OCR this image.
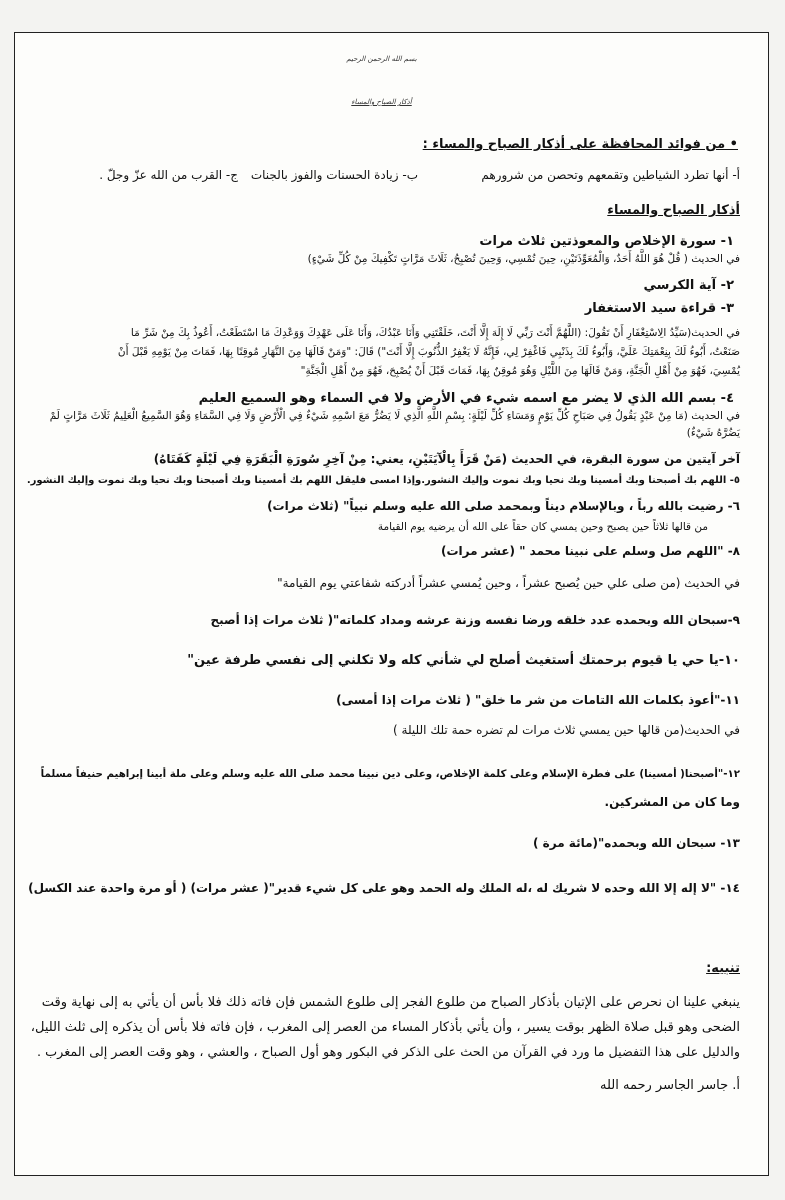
بسم الله الرحمن الرحيم
أذكار الصباح والمساء
• من فوائد المحافظة على أذكار الصباح والمساء :
أ- أنها تطرد الشياطين وتقمعهم وتحصن من شرورهم
ب- زيادة الحسنات والفوز بالجنات
ج- القرب من الله عزّ وجلّ .
أذكار الصباح والمساء
١- سورة الإخلاص والمعوذتين ثلاث مرات
في الحديث ( قُلْ هُوَ اللَّهُ أَحَدٌ، وَالْمُعَوِّذَتَيْنِ، حِينَ تُمْسِي، وَحِينَ تُصْبِحُ، ثَلَاثَ مَرَّاتٍ تَكْفِيكَ مِنْ كُلِّ شَيْءٍ)
٢- آية الكرسي
٣- قراءة سيد الاستغفار
في الحديث(سَيِّدُ الِاسْتِغْفَارِ أَنْ تَقُولَ: (اللَّهُمَّ أَنْتَ رَبِّي لَا إِلَهَ إِلَّا أَنْتَ، خَلَقْتَنِي وَأَنَا عَبْدُكَ، وَأَنَا عَلَى عَهْدِكَ وَوَعْدِكَ مَا اسْتَطَعْتُ، أَعُوذُ بِكَ مِنْ شَرِّ مَا
صَنَعْتُ، أَبُوءُ لَكَ بِنِعْمَتِكَ عَلَيَّ، وَأَبُوءُ لَكَ بِذَنْبِي فَاغْفِرْ لِي، فَإِنَّهُ لَا يَغْفِرُ الذُّنُوبَ إِلَّا أَنْتَ") قَالَ: "وَمَنْ قَالَهَا مِنَ النَّهَارِ مُوقِنًا بِهَا، فَمَاتَ مِنْ يَوْمِهِ قَبْلَ أَنْ
يُمْسِيَ، فَهُوَ مِنْ أَهْلِ الْجَنَّةِ، وَمَنْ قَالَهَا مِنَ اللَّيْلِ وَهُوَ مُوقِنٌ بِهَا، فَمَاتَ قَبْلَ أَنْ يُصْبِحَ، فَهُوَ مِنْ أَهْلِ الْجَنَّةِ"
٤- بسم الله الذي لا يضر مع اسمه شيء في الأرض ولا في السماء وهو السميع العليم
في الحديث (مَا مِنْ عَبْدٍ يَقُولُ فِي صَبَاحِ كُلِّ يَوْمٍ وَمَسَاءِ كُلِّ لَيْلَةٍ: بِسْمِ اللَّهِ الَّذِي لَا يَضُرُّ مَعَ اسْمِهِ شَيْءٌ فِي الْأَرْضِ وَلَا فِي السَّمَاءِ وَهُوَ السَّمِيعُ الْعَلِيمُ ثَلَاثَ مَرَّاتٍ لَمْ
يَضُرَّهُ شَيْءٌ)
آخر آيتين من سورة البقرة، في الحديث (مَنْ قَرَأَ بِالْآيَتَيْنِ، يعني: مِنْ آخِرِ سُورَةِ الْبَقَرَةِ فِي لَيْلَةٍ كَفَتَاهُ)
٥- اللهم بك أصبحنا وبك أمسينا وبك نحيا وبك نموت وإليك النشور.وإذا امسى فليقل اللهم بك أمسينا وبك أصبحنا وبك نحيا وبك نموت وإليك النشور.
٦- رضيت بالله رباً ، وبالإسلام ديناً وبمحمد صلى الله عليه وسلم نبياً" (ثلاث مرات)
من قالها ثلاثاً حين يصبح وحين يمسي كان حقاً على الله أن يرضيه يوم القيامة
٨- "اللهم صل وسلم على نبينا محمد " (عشر مرات)
في الحديث (من صلى علي حين يُصبح عشراً ، وحين يُمسي عشراً أدركته شفاعتي يوم القيامة"
٩-سبحان الله وبحمده عدد خلقه ورضا نفسه وزنة عرشه ومداد كلماته"( ثلاث مرات إذا أصبح
١٠-يا حي يا قيوم برحمتك أستغيث أصلح لي شأني كله ولا تكلني إلى نفسي طرفة عين"
١١-"أعوذ بكلمات الله التامات من شر ما خلق" ( ثلاث مرات إذا أمسى)
في الحديث(من قالها حين يمسي ثلاث مرات لم تضره حمة تلك الليلة )
١٢-"أصبحنا( أمسينا) على فطرة الإسلام وعلى كلمة الإخلاص، وعلى دين نبينا محمد صلى الله عليه وسلم وعلى ملة أبينا إبراهيم حنيفاً مسلماً
وما كان من المشركين.
١٣- سبحان الله وبحمده"(مائة مرة )
١٤- "لا إله إلا الله وحده لا شريك له ،له الملك وله الحمد وهو على كل شيء قدير"( عشر مرات) ( أو مرة واحدة عند الكسل)
تنبيه:
ينبغي علينا ان نحرص على الإتيان بأذكار الصباح من طلوع الفجر إلى طلوع الشمس فإن فاته ذلك فلا بأس أن يأتي به إلى نهاية وقت
الضحى وهو قبل صلاة الظهر بوقت يسير ، وأن يأتي بأذكار المساء من العصر إلى المغرب ، فإن فاته فلا بأس أن يذكره إلى ثلث الليل،
والدليل على هذا التفضيل ما ورد في القرآن من الحث على الذكر في البكور وهو أول الصباح ، والعشي ، وهو وقت العصر إلى المغرب .
أ. جاسر الجاسر رحمه الله
